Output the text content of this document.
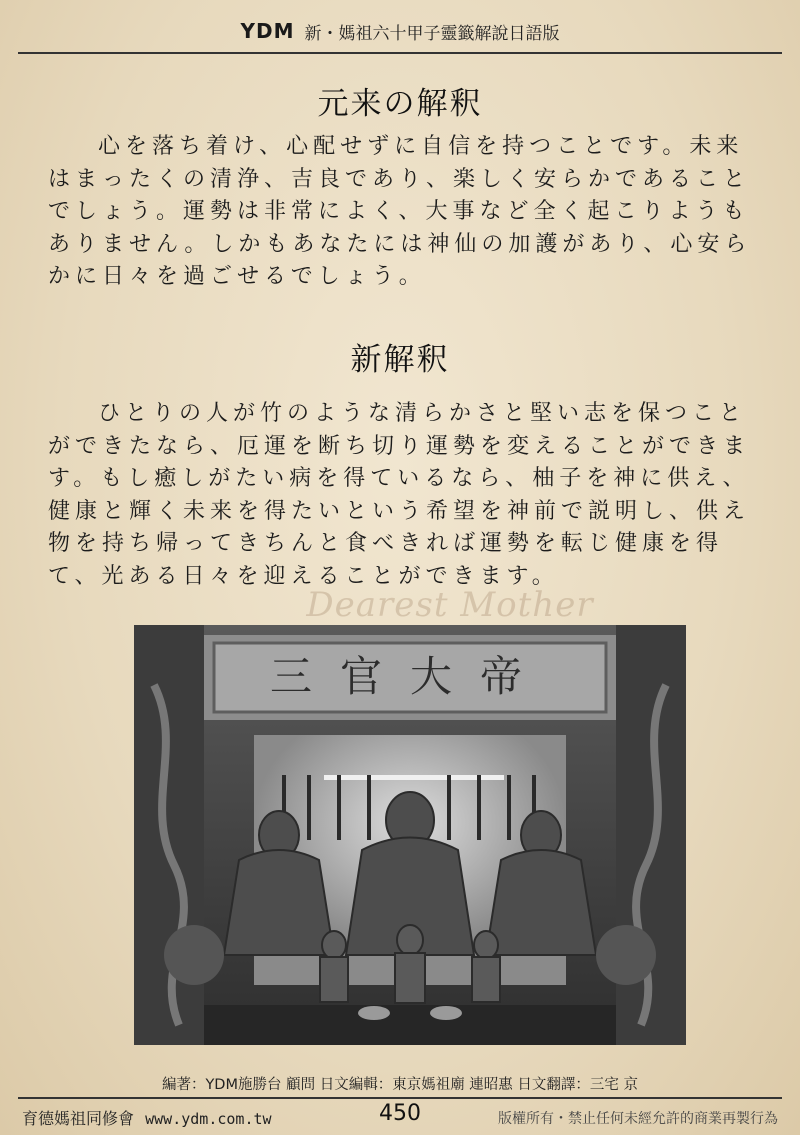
YDM 新・媽祖六十甲子靈籤解說日語版
元来の解釈

心を落ち着け、心配せずに自信を持つことです。未来はまったくの清浄、吉良であり、楽しく安らかであることでしょう。運勢は非常によく、大事など全く起こりようもありません。しかもあなたには神仙の加護があり、心安らかに日々を過ごせるでしょう。

新解釈

ひとりの人が竹のような清らかさと堅い志を保つことができたなら、厄運を断ち切り運勢を変えることができます。もし癒しがたい病を得ているなら、柚子を神に供え、健康と輝く未来を得たいという希望を神前で説明し、供え物を持ち帰ってきちんと食べきれば運勢を転じ健康を得て、光ある日々を迎えることができます。

Dearest Mother
三官大帝
編著：YDM施勝台 顧問 日文編輯：東京媽祖廟 連昭惠 日文翻譯：三宅 京
育德媽祖同修會 www.ydm.com.tw	450	版權所有・禁止任何未經允許的商業再製行為
